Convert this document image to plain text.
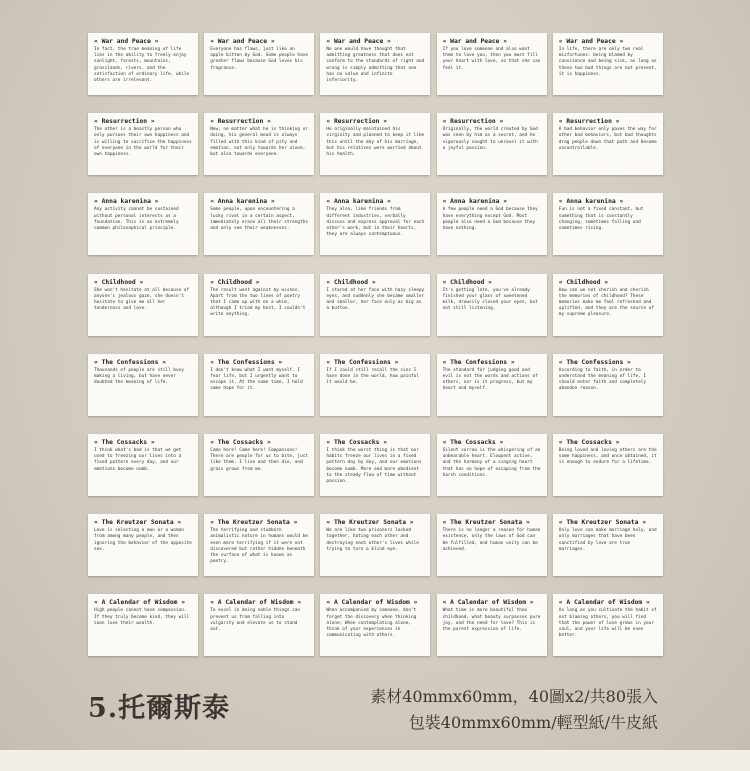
« War and Peace »
In fact, the true meaning of life lies in the ability to freely enjoy sunlight, forests, mountains, grasslands, rivers, and the satisfaction of ordinary life, while others are irrelevant.
« War and Peace »
Everyone has flaws, just like an apple bitten by God. Some people have greater flaws because God loves his fragrance.
« War and Peace »
No one would have thought that admitting greatness that does not conform to the standards of right and wrong is simply admitting that one has no value and infinite inferiority.
« War and Peace »
If you love someone and also want them to love you, then you must fill your heart with love, so that she can feel it.
« War and Peace »
In life, there are only two real misfortunes: being blamed by conscience and being sick, as long as these two bad things are not present, it is happiness.
« Resurrection »
The other is a beastly person who only pursues their own happiness and is willing to sacrifice the happiness of everyone in the world for their own happiness.
« Resurrection »
Now, no matter what he is thinking or doing, his general mood is always filled with this kind of pity and emotion, not only towards her alone, but also towards everyone.
« Resurrection »
He originally maintained his virginity and planned to keep it like this until the day of his marriage, but his relatives were worried about his health.
« Resurrection »
Originally, the world created by God was seen by him as a secret, and he vigorously sought to unravel it with a joyful passion.
« Resurrection »
A bad behavior only paves the way for other bad behaviors, but bad thoughts drag people down that path and become uncontrollable.
« Anna karenina »
Any activity cannot be sustained without personal interests as a foundation. This is an extremely common philosophical principle.
« Anna karenina »
Some people, upon encountering a lucky rival in a certain aspect, immediately erase all their strengths and only see their weaknesses.
« Anna karenina »
They also, like friends from different industries, verbally discuss and express approval for each other's work, but in their hearts, they are always contemptuous.
« Anna karenina »
A few people need a God because they have everything except God. Most people also need a God because they have nothing.
« Anna karenina »
Fun is not a fixed constant, but something that is constantly changing, sometimes falling and sometimes rising.
« Childhood »
She won't hesitate at all because of anyone's jealous gaze, she doesn't hesitate to give me all her tenderness and love.
« Childhood »
The result went against my wishes. Apart from the two lines of poetry that I came up with on a whim, although I tried my best, I couldn't write anything.
« Childhood »
I stared at her face with hazy sleepy eyes, and suddenly she became smaller and smaller, her face only as big as a button.
« Childhood »
It's getting late, you've already finished your glass of sweetened milk, drowsily closed your eyes, but not still listening.
« Childhood »
How can we not cherish and cherish the memories of childhood? These memories make me feel refreshed and uplifted, and they are the source of my supreme pleasure.
« The Confessions »
Thousands of people are still busy making a living, but have never doubted the meaning of life.
« The Confessions »
I don't know what I want myself. I fear life, but I urgently want to escape it. At the same time, I hold some hope for it.
« The Confessions »
If I could still recall the sins I have done in the world, how painful it would be.
« The Confessions »
The standard for judging good and evil is not the words and actions of others, nor is it progress, but my heart and myself.
« The Confessions »
According to faith, in order to understand the meaning of life, I should enter faith and completely abandon reason.
« The Cossacks »
I think what's bad is that we get used to freezing our lives into a fixed pattern every day, and our emotions become numb.
« The Cossacks »
Come here! Come here! Companions! There are people for us to bite, just like them. I live and then die, and grass grows from me.
« The Cossacks »
I think the worst thing is that our habits freeze our lives in a fixed pattern day by day, and our emotions become numb. More and more obedient to the steady flow of time without passion.
« The Cossacks »
Silent sorrow is the whispering of an unbearable heart. Eloquent active, and the harmony of a singing heart that has no hope of escaping from the harsh conditions.
« The Cossacks »
Being loved and loving others are the same happiness, and once obtained, it is enough to endure for a lifetime.
« The Kreutzer Sonata »
Love is selecting a man or a woman from among many people, and then ignoring the behavior of the opposite sex.
« The Kreutzer Sonata »
The terrifying and stubborn animalistic nature in humans would be even more terrifying if it were not discovered but rather hidden beneath the surface of what is known as poetry.
« The Kreutzer Sonata »
We are like two prisoners locked together, hating each other and destroying each other's lives while trying to turn a blind eye.
« The Kreutzer Sonata »
There is no longer a reason for human existence, only the laws of God can be fulfilled, and human unity can be achieved.
« The Kreutzer Sonata »
Only love can make marriage holy, and only marriages that have been sanctified by love are true marriages.
« A Calendar of Wisdom »
High people cannot have compassion. If they truly become kind, they will soon lose their wealth.
« A Calendar of Wisdom »
To excel in doing noble things can prevent us from falling into vulgarity and elevate us to stand out.
« A Calendar of Wisdom »
When accompanied by someone, don't forget the discovery when thinking alone; When contemplating alone, think of your experiences in communicating with others.
« A Calendar of Wisdom »
What time is more beautiful than childhood, what beauty surpasses pure joy, and the need for love? This is the purest expression of life.
« A Calendar of Wisdom »
As long as you cultivate the habit of not blaming others, you will find that the power of love grows in your soul, and your life will be even better.
5.托爾斯泰	素材40mmx60mm，40圖x2/共80張入
包裝40mmx60mm/輕型紙/牛皮紙
